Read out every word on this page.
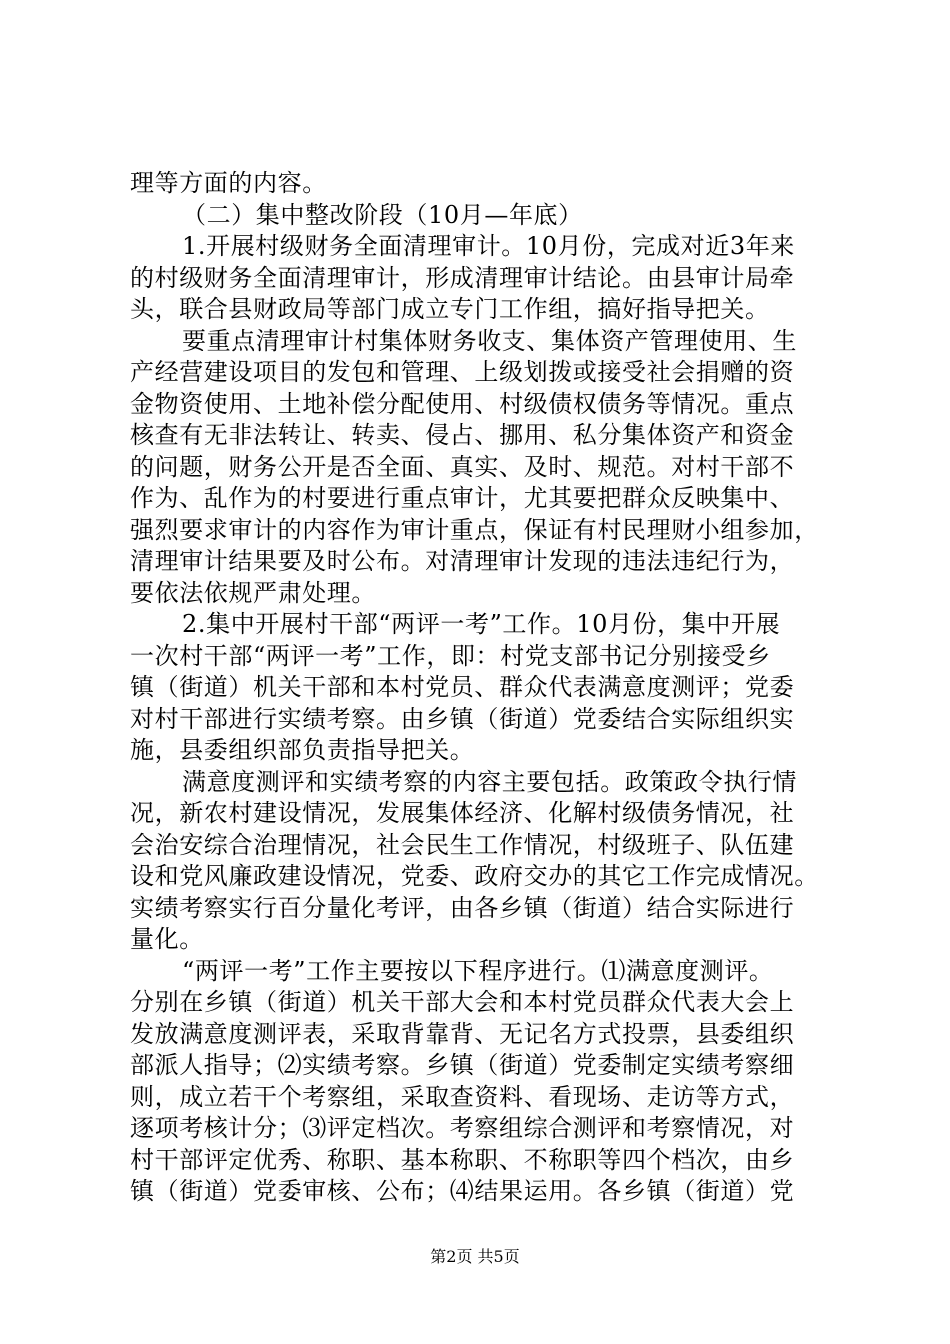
理等方面的内容。
（二）集中整改阶段（10月—年底）
1.开展村级财务全面清理审计。10月份，完成对近3年来
的村级财务全面清理审计，形成清理审计结论。由县审计局牵
头，联合县财政局等部门成立专门工作组，搞好指导把关。
要重点清理审计村集体财务收支、集体资产管理使用、生
产经营建设项目的发包和管理、上级划拨或接受社会捐赠的资
金物资使用、土地补偿分配使用、村级债权债务等情况。重点
核查有无非法转让、转卖、侵占、挪用、私分集体资产和资金
的问题，财务公开是否全面、真实、及时、规范。对村干部不
作为、乱作为的村要进行重点审计，尤其要把群众反映集中、
强烈要求审计的内容作为审计重点，保证有村民理财小组参加，
清理审计结果要及时公布。对清理审计发现的违法违纪行为，
要依法依规严肃处理。
2.集中开展村干部“两评一考”工作。10月份，集中开展
一次村干部“两评一考”工作，即：村党支部书记分别接受乡
镇（街道）机关干部和本村党员、群众代表满意度测评；党委
对村干部进行实绩考察。由乡镇（街道）党委结合实际组织实
施，县委组织部负责指导把关。
满意度测评和实绩考察的内容主要包括。政策政令执行情
况，新农村建设情况，发展集体经济、化解村级债务情况，社
会治安综合治理情况，社会民生工作情况，村级班子、队伍建
设和党风廉政建设情况，党委、政府交办的其它工作完成情况。
实绩考察实行百分量化考评，由各乡镇（街道）结合实际进行
量化。
“两评一考”工作主要按以下程序进行。⑴满意度测评。
分别在乡镇（街道）机关干部大会和本村党员群众代表大会上
发放满意度测评表，采取背靠背、无记名方式投票，县委组织
部派人指导；⑵实绩考察。乡镇（街道）党委制定实绩考察细
则，成立若干个考察组，采取查资料、看现场、走访等方式，
逐项考核计分；⑶评定档次。考察组综合测评和考察情况，对
村干部评定优秀、称职、基本称职、不称职等四个档次，由乡
镇（街道）党委审核、公布；⑷结果运用。各乡镇（街道）党
第2页 共5页
